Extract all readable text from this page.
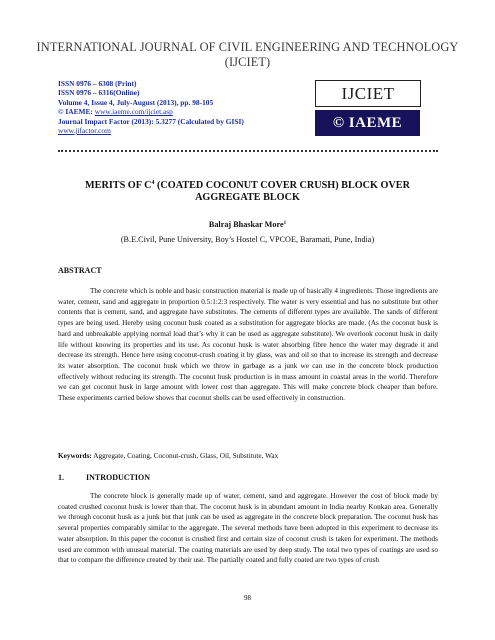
INTERNATIONAL JOURNAL OF CIVIL ENGINEERING AND TECHNOLOGY (IJCIET)
ISSN 0976 – 6308 (Print)
ISSN 0976 – 6316(Online)
Volume 4, Issue 4, July-August (2013), pp. 98-105
© IAEME: www.iaeme.com/ijciet.asp
Journal Impact Factor (2013): 5.3277 (Calculated by GISI)
www.jifactor.com
IJCIET
© IAEME
MERITS OF $C^4$ (COATED COCONUT COVER CRUSH) BLOCK OVER AGGREGATE BLOCK
Balraj Bhaskar More$^1$
(B.E.Civil, Pune University, Boy’s Hostel C, VPCOE, Baramati, Pune, India)
ABSTRACT
The concrete which is noble and basic construction material is made up of basically 4 ingredients. Those ingredients are water, cement, sand and aggregate in proportion 0.5:1:2:3 respectively. The water is very essential and has no substitute but other contents that is cement, sand, and aggregate have substitutes. The cements of different types are available. The sands of different types are being used. Hereby using coconut husk coated as a substitution for aggregate blocks are made. (As the coconut husk is hard and unbreakable applying normal load that’s why it can be used as aggregate substitute). We overlook coconut husk in daily life without knowing its properties and its use. As coconut husk is water absorbing fibre hence the water may degrade it and decrease its strength. Hence here using coconut-crush coating it by glass, wax and oil so that to increase its strength and decrease its water absorption. The coconut husk which we throw in garbage as a junk we can use in the concrete block production effectively without reducing its strength. The coconut husk production is in mass amount in coastal areas in the world. Therefore we can get coconut husk in large amount with lower cost than aggregate. This will make concrete block cheaper than before. These experiments carried below shows that coconut shells can be used effectively in construction.
Keywords: Aggregate, Coating, Coconut-crush, Glass, Oil, Substitute, Wax
1.	INTRODUCTION
The concrete block is generally made up of water, cement, sand and aggregate. However the cost of block made by coated crushed coconut husk is lower than that. The coconut husk is in abundant amount in India nearby Konkan area. Generally we through coconut husk as a junk but that junk can be used as aggregate in the concrete block preparation. The coconut husk has several properties comparably similar to the aggregate. The several methods have been adopted in this experiment to decrease its water absorption. In this paper the coconut is crushed first and certain size of coconut crush is taken for experiment. The methods used are common with unusual material. The coating materials are used by deep study. The total two types of coatings are used so that to compare the difference created by their use. The partially coated and fully coated are two types of crush
98
